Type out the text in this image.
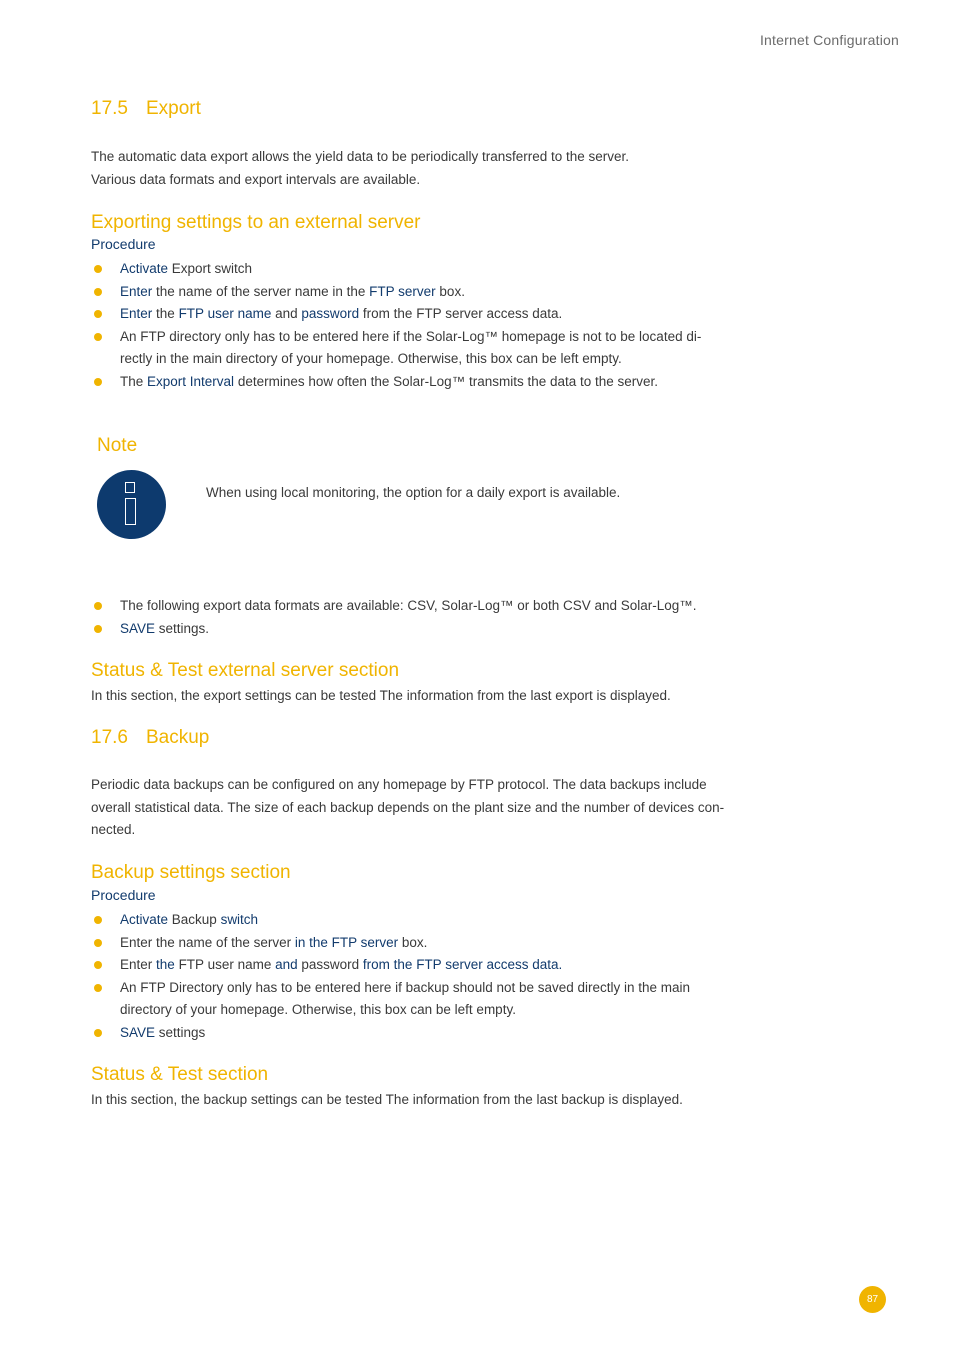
Internet Configuration
17.5 Export
The automatic data export allows the yield data to be periodically transferred to the server.
Various data formats and export intervals are available.
Exporting settings to an external server
Procedure
Activate Export switch
Enter the name of the server name in the FTP server box.
Enter the FTP user name and password from the FTP server access data.
An FTP directory only has to be entered here if the Solar-Log™ homepage is not to be located di-
rectly in the main directory of your homepage. Otherwise, this box can be left empty.
The Export Interval determines how often the Solar-Log™ transmits the data to the server.
Note
When using local monitoring, the option for a daily export is available.
The following export data formats are available: CSV, Solar-Log™ or both CSV and Solar-Log™.
SAVE settings.
Status & Test external server section
In this section, the export settings can be tested The information from the last export is displayed.
17.6 Backup
Periodic data backups can be configured on any homepage by FTP protocol. The data backups include
overall statistical data. The size of each backup depends on the plant size and the number of devices con-
nected.
Backup settings section
Procedure
Activate Backup switch
Enter the name of the server in the FTP server box.
Enter the FTP user name and password from the FTP server access data.
An FTP Directory only has to be entered here if backup should not be saved directly in the main
directory of your homepage. Otherwise, this box can be left empty.
SAVE settings
Status & Test section
In this section, the backup settings can be tested The information from the last backup is displayed.
87
